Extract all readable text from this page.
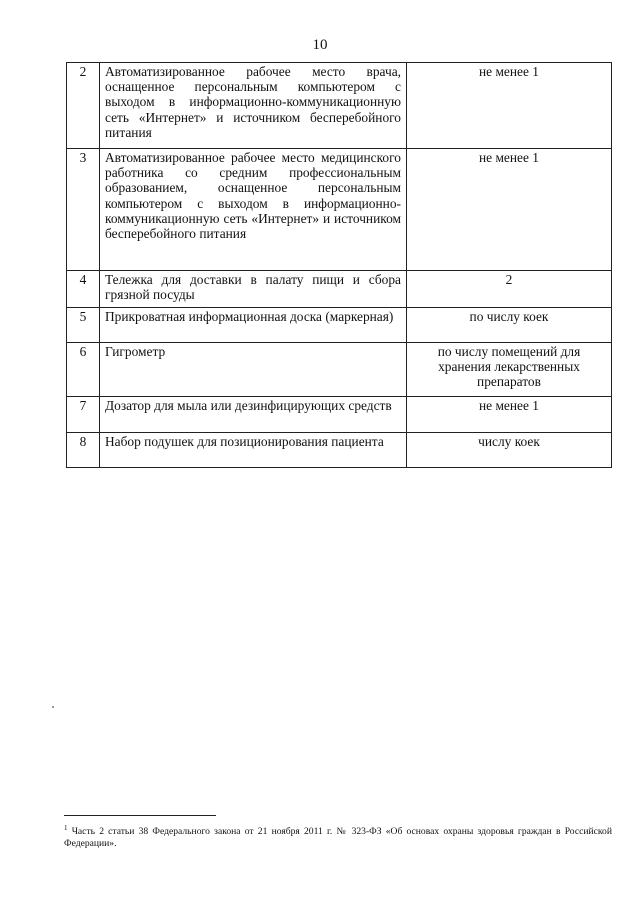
10
2	Автоматизированное рабочее место врача, оснащенное персональным компьютером с выходом в информационно-коммуникационную сеть «Интернет» и источником бесперебойного питания	не менее 1
3	Автоматизированное рабочее место медицинского работника со средним профессиональным образованием, оснащенное персональным компьютером с выходом в информационно-коммуникационную сеть «Интернет» и источником бесперебойного питания	не менее 1
4	Тележка для доставки в палату пищи и сбора грязной посуды	2
5	Прикроватная информационная доска (маркерная)	по числу коек
6	Гигрометр	по числу помещений для хранения лекарственных препаратов
7	Дозатор для мыла или дезинфицирующих средств	не менее 1
8	Набор подушек для позиционирования пациента	числу коек
$^1$ Часть 2 статьи 38 Федерального закона от 21 ноября 2011 г. № 323-ФЗ «Об основах охраны здоровья граждан в Российской Федерации».
